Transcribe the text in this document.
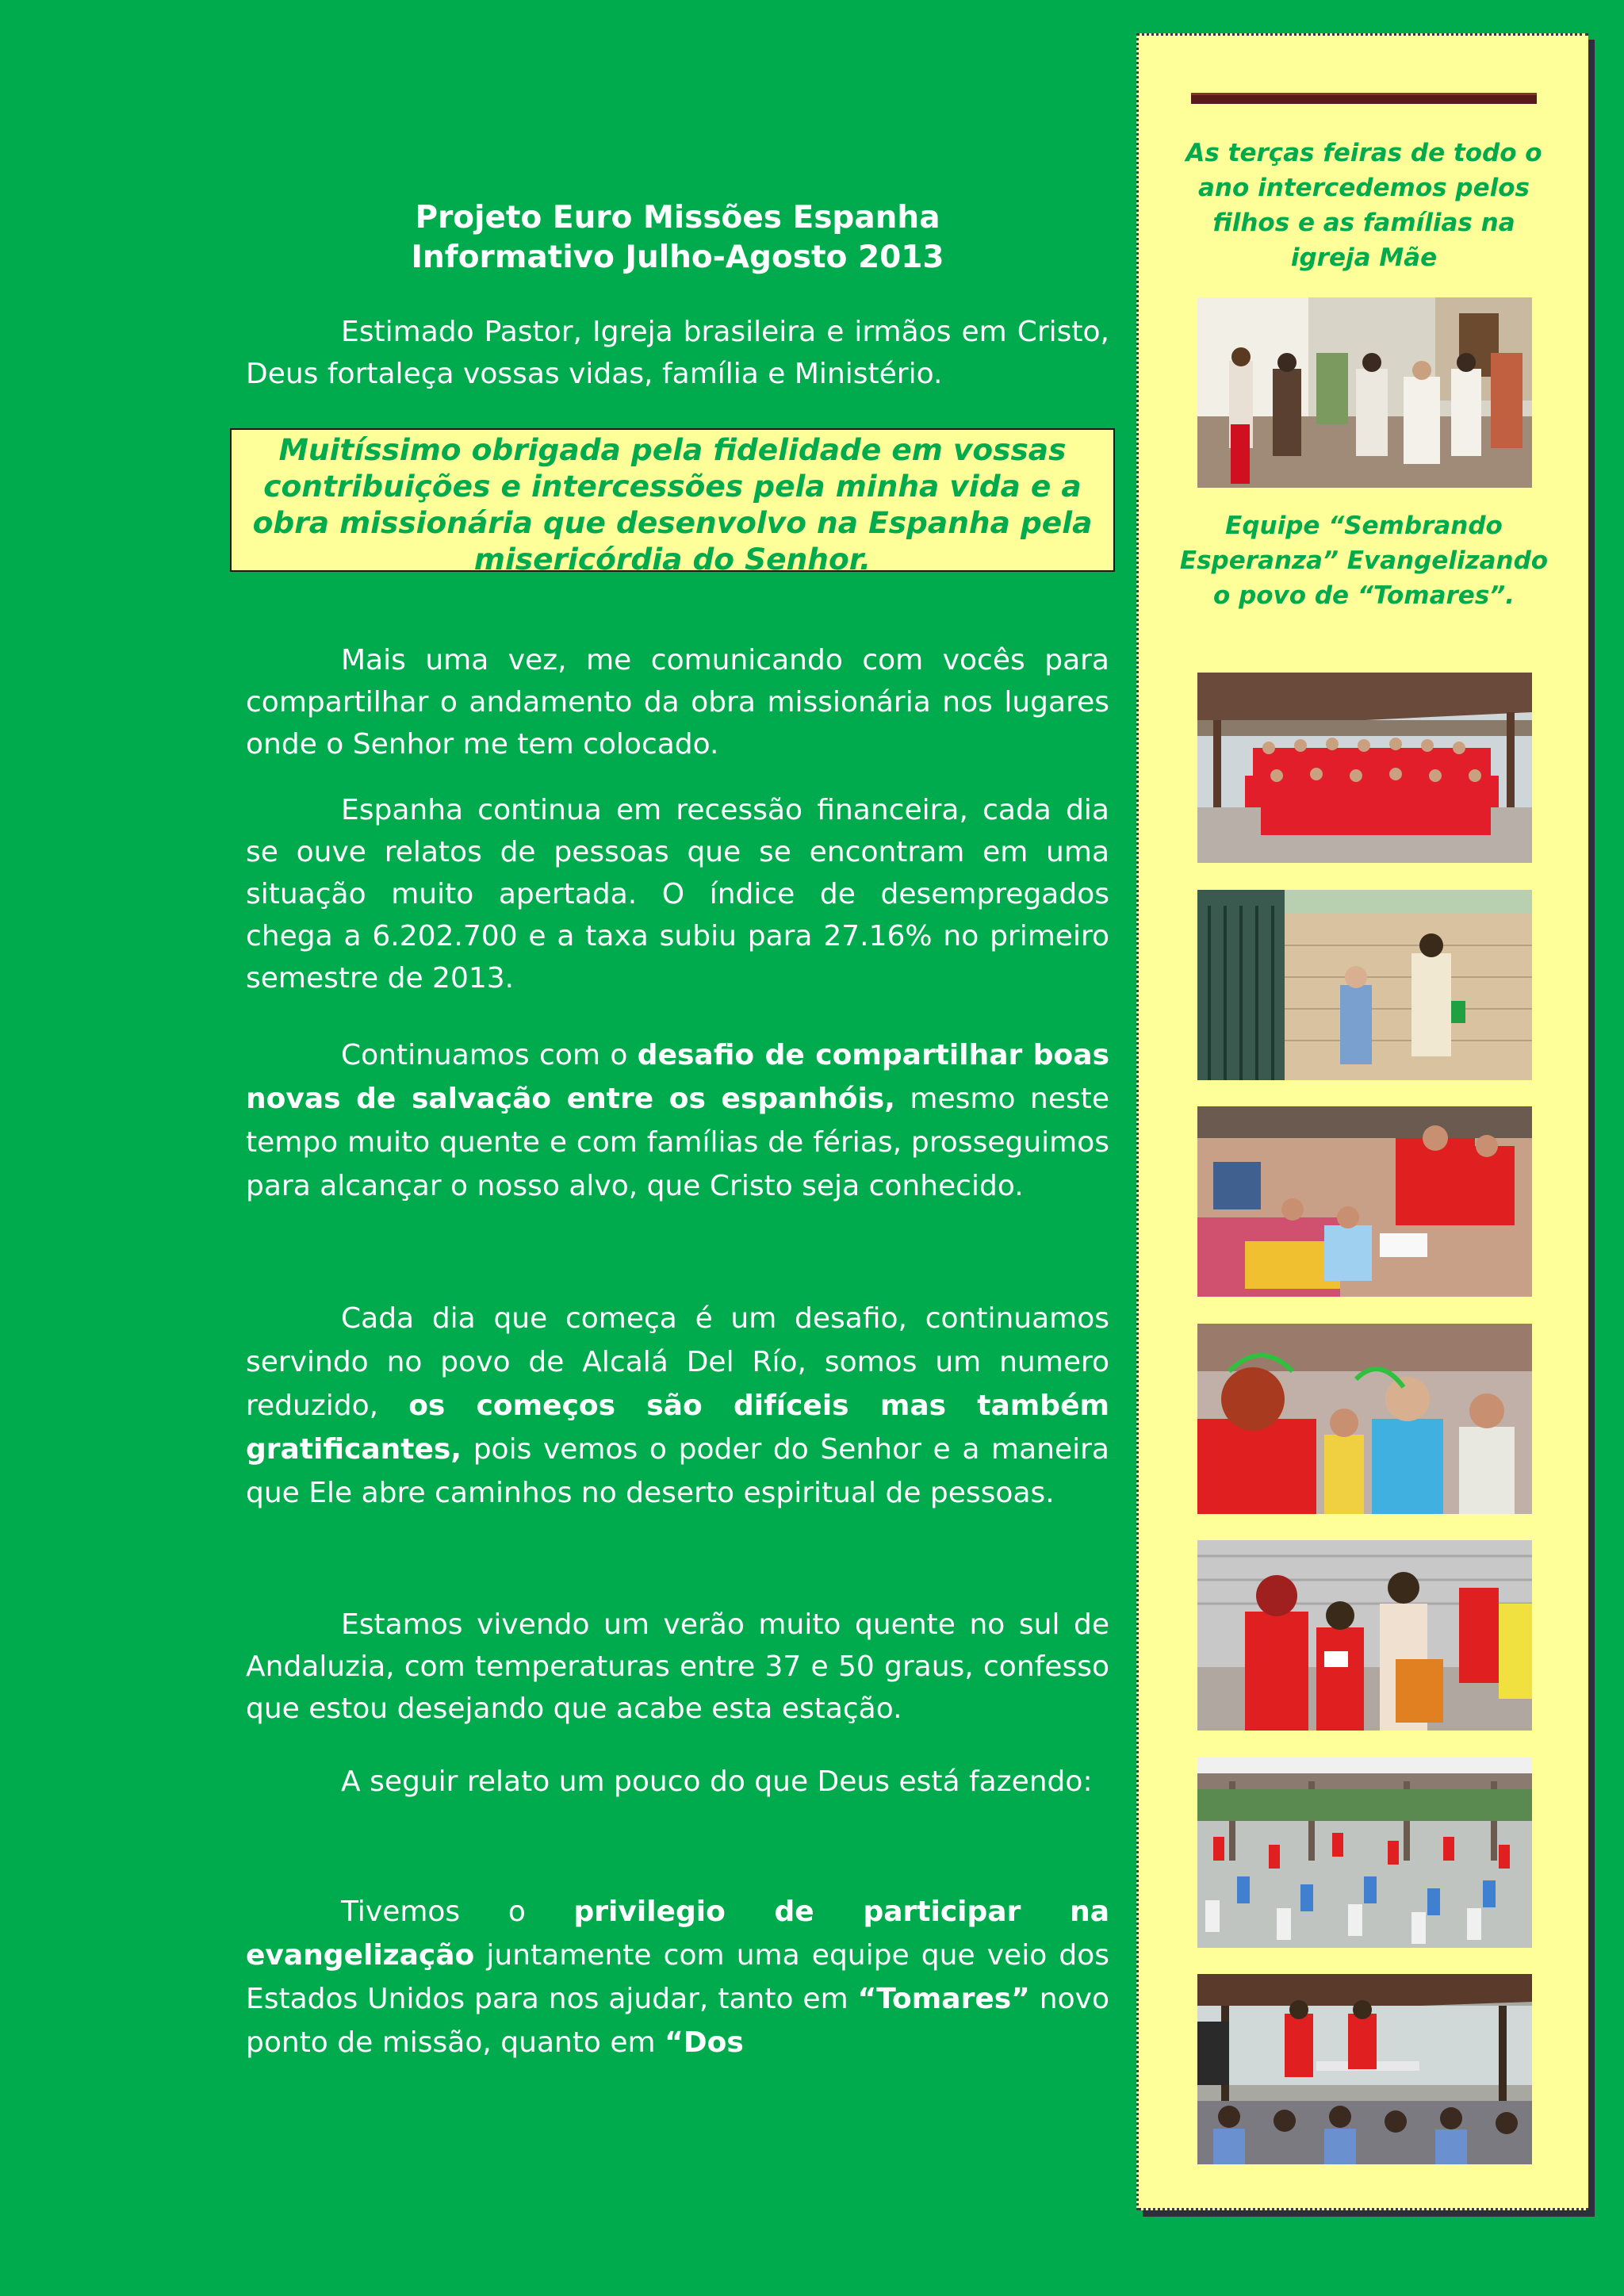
Projeto Euro Missões Espanha
Informativo Julho-Agosto 2013

Estimado Pastor, Igreja brasileira e irmãos em Cristo, Deus fortaleça vossas vidas, família e Ministério.

Muitíssimo obrigada pela fidelidade em vossas contribuições e intercessões pela minha vida e a obra missionária que desenvolvo na Espanha pela misericórdia do Senhor.

Mais uma vez, me comunicando com vocês para compartilhar o andamento da obra missionária nos lugares onde o Senhor me tem colocado.

Espanha continua em recessão financeira, cada dia se ouve relatos de pessoas que se encontram em uma situação muito apertada. O índice de desempregados chega a 6.202.700 e a taxa subiu para 27.16% no primeiro semestre de 2013.

Continuamos com o desafio de compartilhar boas novas de salvação entre os espanhóis, mesmo neste tempo muito quente e com famílias de férias, prosseguimos para alcançar o nosso alvo, que Cristo seja conhecido.

Cada dia que começa é um desafio, continuamos servindo no povo de Alcalá Del Río, somos um numero reduzido, os começos são difíceis mas também gratificantes, pois vemos o poder do Senhor e a maneira que Ele abre caminhos no deserto espiritual de pessoas.

Estamos vivendo um verão muito quente no sul de Andaluzia, com temperaturas entre 37 e 50 graus, confesso que estou desejando que acabe esta estação.

A seguir relato um pouco do que Deus está fazendo:

Tivemos o privilegio de participar na evangelização juntamente com uma equipe que veio dos Estados Unidos para nos ajudar, tanto em “Tomares” novo ponto de missão, quanto em “Dos

As terças feiras de todo o ano intercedemos pelos filhos e as famílias na igreja Mãe
Equipe “Sembrando Esperanza” Evangelizando o povo de “Tomares”.
